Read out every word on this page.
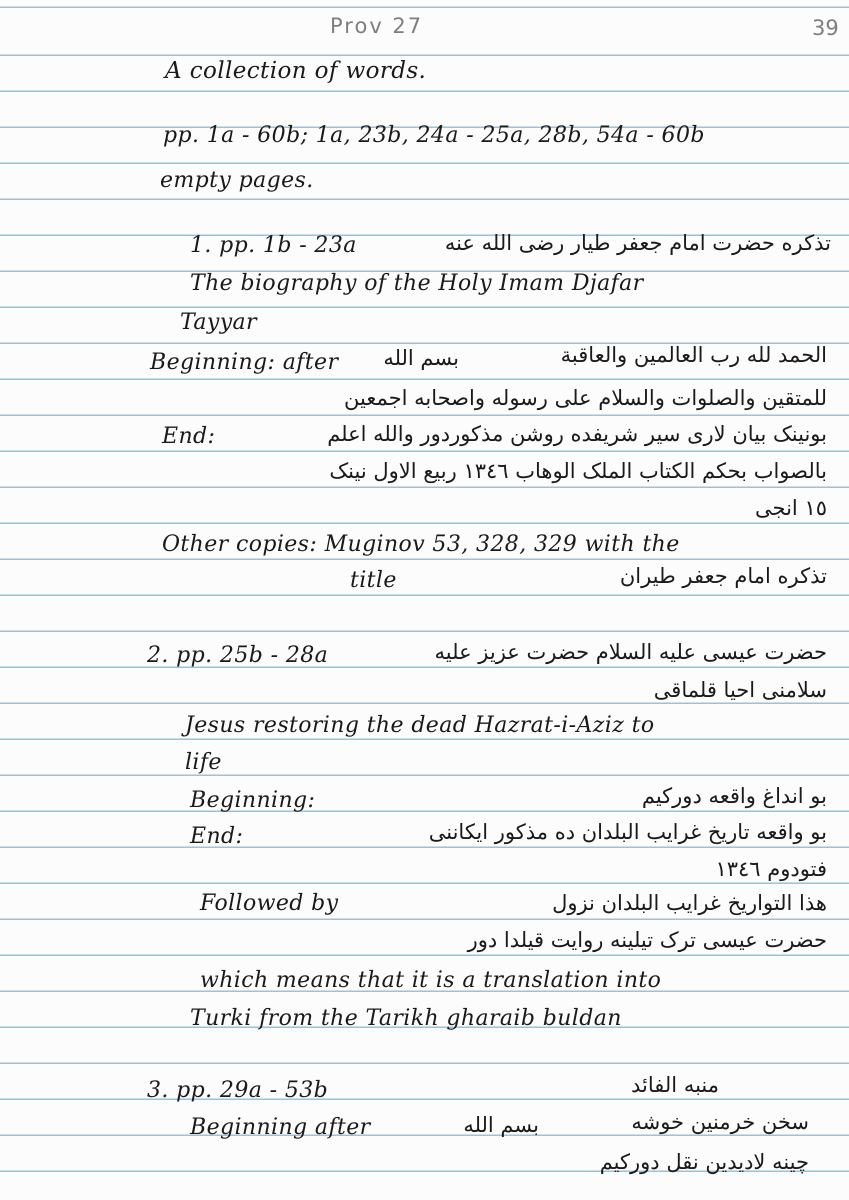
Prov 27	39
A collection of words.
pp. 1a - 60b; 1a, 23b, 24a - 25a, 28b, 54a - 60b
empty pages.
1. pp. 1b - 23a	تذکره حضرت امام جعفر طیار رضی الله عنه
The biography of the Holy Imam Djafar
Tayyar
Beginning: after بسم الله	الحمد لله رب العالمین والعاقبة
للمتقین والصلوات والسلام علی رسوله واصحابه اجمعین
End:	بونینک بیان لاری سیر شریفده روشن مذکوردور والله اعلم
بالصواب بحکم الکتاب الملک الوهاب ١٣٤٦ ربیع الاول نینک
١٥ انجی
Other copies: Muginov 53, 328, 329 with the
title	تذکره امام جعفر طیران
2. pp. 25b - 28a	حضرت عیسی علیه السلام حضرت عزیز علیه
سلامنی احیا قلماقی
Jesus restoring the dead Hazrat-i-Aziz to
life
Beginning:	بو انداغ واقعه دورکیم
End:	بو واقعه تاریخ غرایب البلدان ده مذکور ایکاننی
فتودوم ١٣٤٦
Followed by	هذا التواریخ غرایب البلدان نزول
حضرت عیسی ترک تیلینه روایت قیلدا دور
which means that it is a translation into
Turki from the Tarikh gharaib buldan
3. pp. 29a - 53b	منبه الفائد
Beginning after	بسم الله	سخن خرمنین خوشه
چینه لادیدین نقل دورکیم
